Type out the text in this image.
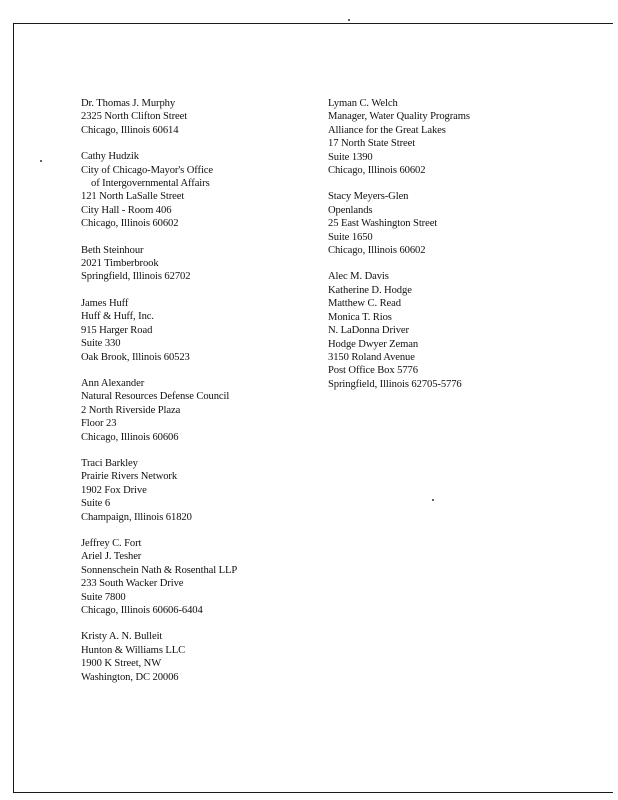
Dr. Thomas J. Murphy
2325 North Clifton Street
Chicago, Illinois 60614
Cathy Hudzik
City of Chicago-Mayor's Office
of Intergovernmental Affairs
121 North LaSalle Street
City Hall - Room 406
Chicago, Illinois 60602
Beth Steinhour
2021 Timberbrook
Springfield, Illinois 62702
James Huff
Huff & Huff, Inc.
915 Harger Road
Suite 330
Oak Brook, Illinois 60523
Ann Alexander
Natural Resources Defense Council
2 North Riverside Plaza
Floor 23
Chicago, Illinois 60606
Traci Barkley
Prairie Rivers Network
1902 Fox Drive
Suite 6
Champaign, Illinois 61820
Jeffrey C. Fort
Ariel J. Tesher
Sonnenschein Nath & Rosenthal LLP
233 South Wacker Drive
Suite 7800
Chicago, Illinois 60606-6404
Kristy A. N. Bulleit
Hunton & Williams LLC
1900 K Street, NW
Washington, DC 20006
Lyman C. Welch
Manager, Water Quality Programs
Alliance for the Great Lakes
17 North State Street
Suite 1390
Chicago, Illinois 60602
Stacy Meyers-Glen
Openlands
25 East Washington Street
Suite 1650
Chicago, Illinois 60602
Alec M. Davis
Katherine D. Hodge
Matthew C. Read
Monica T. Rios
N. LaDonna Driver
Hodge Dwyer Zeman
3150 Roland Avenue
Post Office Box 5776
Springfield, Illinois 62705-5776
